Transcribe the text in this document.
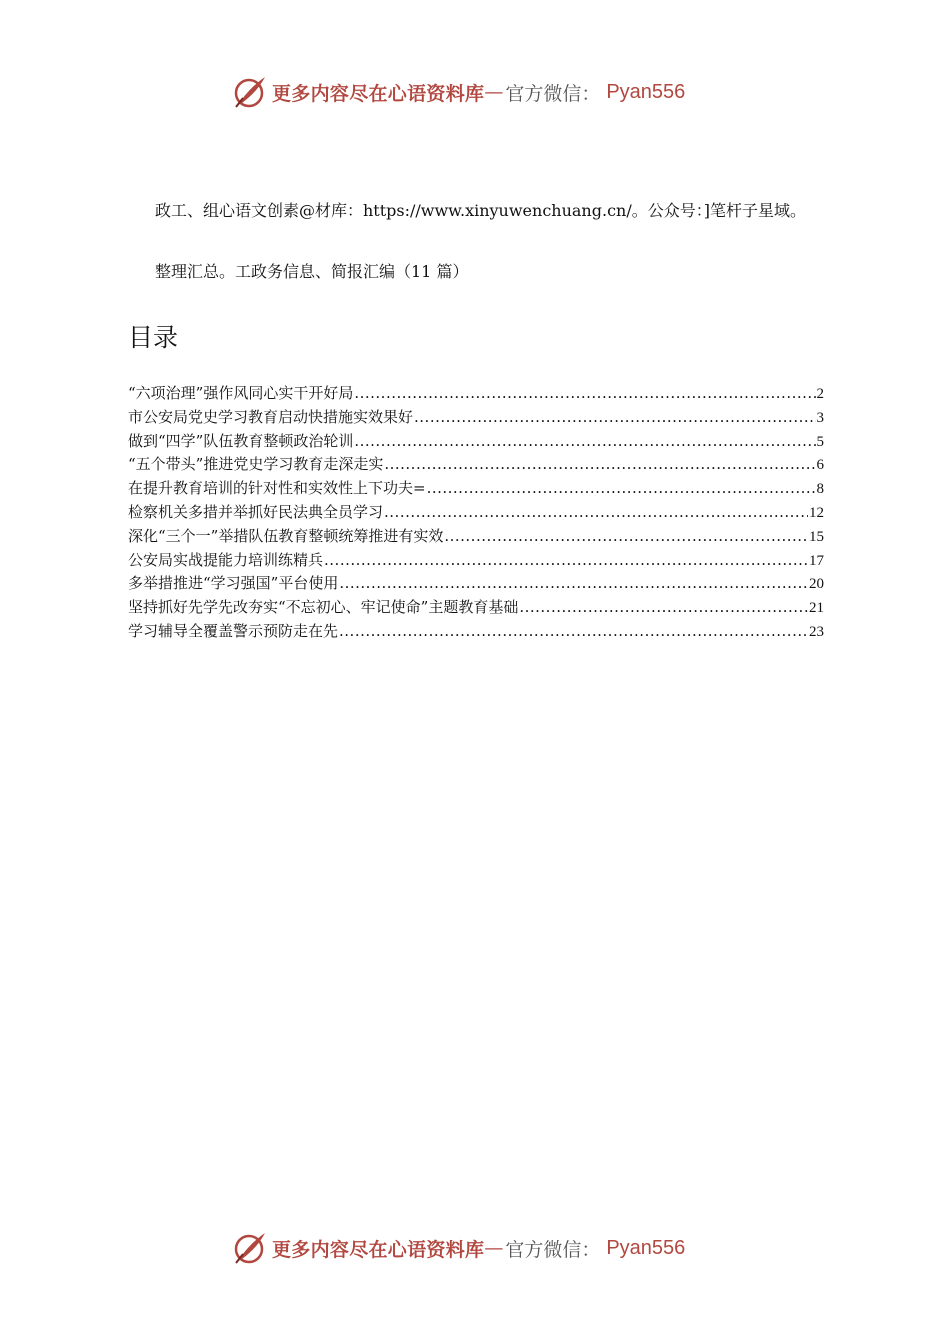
更多内容尽在心语资料库 — 官方微信： Pyan556
政工、组心语文创素@材库：https://www.xinyuwenchuang.cn/。公众号：]笔杆子星域。
整理汇总。工政务信息、简报汇编（11 篇）
目录
“六项治理”强作风同心实干开好局 .....	2
市公安局党史学习教育启动快措施实效果好 .....	3
做到“四学”队伍教育整顿政治轮训 .....	5
“五个带头”推进党史学习教育走深走实 .....	6
在提升教育培训的针对性和实效性上下功夫= .....	8
检察机关多措并举抓好民法典全员学习 .....	12
深化“三个一”举措队伍教育整顿统筹推进有实效 .....	15
公安局实战提能力培训练精兵 .....	17
多举措推进“学习强国”平台使用 .....	20
坚持抓好先学先改夯实“不忘初心、牢记使命”主题教育基础 .....	21
学习辅导全覆盖警示预防走在先 .....	23
更多内容尽在心语资料库 — 官方微信： Pyan556
